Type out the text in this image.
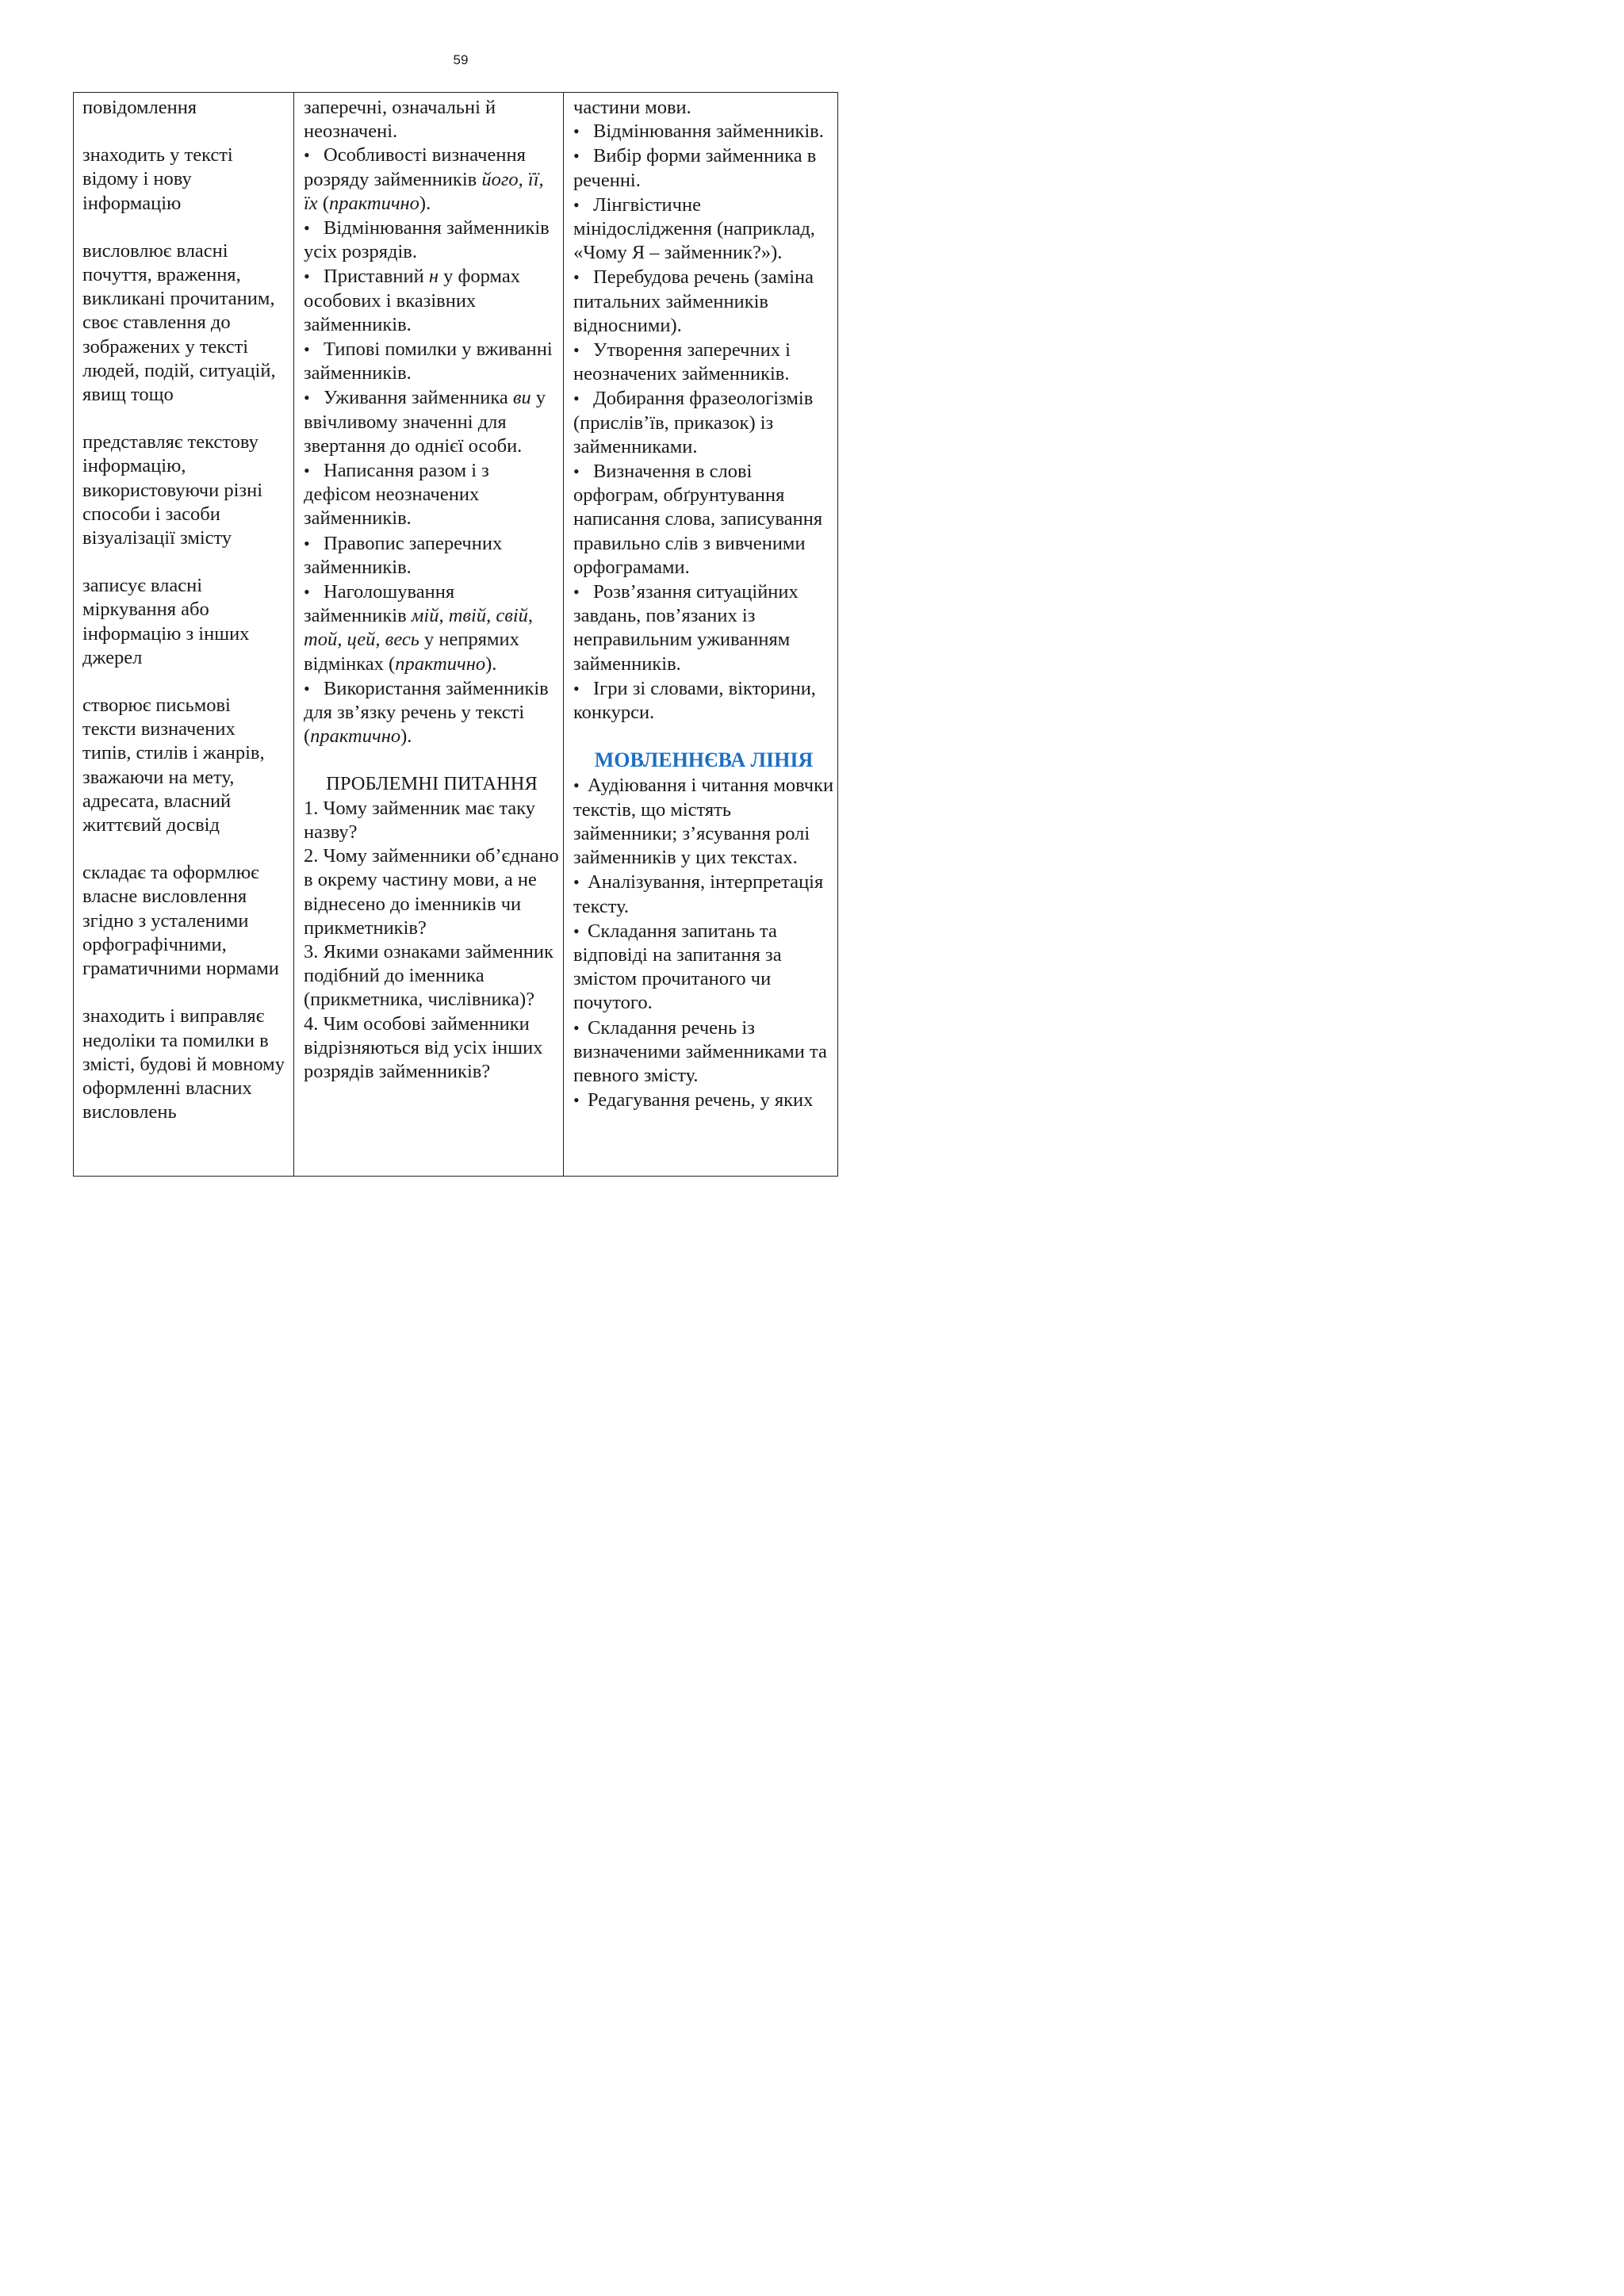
59

повідомлення

знаходить у тексті відому і нову інформацію

висловлює власні почуття, враження, викликані прочитаним, своє ставлення до зображених у тексті людей, подій, ситуацій, явищ тощо

представляє текстову інформацію, використовуючи різні способи і засоби візуалізації змісту

записує власні міркування або інформацію з інших джерел

створює письмові тексти визначених типів, стилів і жанрів, зважаючи на мету, адресата, власний життєвий досвід

складає та оформлює власне висловлення згідно з усталеними орфографічними, граматичними нормами

знаходить і виправляє недоліки та помилки в змісті, будові й мовному оформленні власних висловлень

заперечні, означальні й неозначені.

•Особливості визначення розряду займенників його, її, їх (практично).

•Відмінювання займенників усіх розрядів.

•Приставний н у формах особових і вказівних займенників.

•Типові помилки у вживанні займенників.

•Уживання займенника ви у ввічливому значенні для звертання до однієї особи.

•Написання разом і з дефісом неозначених займенників.

•Правопис заперечних займенників.

•Наголошування займенників мій, твій, свій, той, цей, весь у непрямих відмінках (практично).

•Використання займенників для зв’язку речень у тексті (практично).

ПРОБЛЕМНІ ПИТАННЯ

1. Чому займенник має таку назву?

2. Чому займенники об’єднано в окрему частину мови, а не віднесено до іменників чи прикметників?

3. Якими ознаками займенник подібний до іменника (прикметника, числівника)?

4. Чим особові займенники відрізняються від усіх інших розрядів займенників?

частини мови.

•Відмінювання займенників.

•Вибір форми займенника в реченні.

•Лінгвістичне мінідослідження (наприклад, «Чому Я – займенник?»).

•Перебудова речень (заміна питальних займенників відносними).

•Утворення заперечних і неозначених займенників.

•Добирання фразеологізмів (прислів’їв, приказок) із займенниками.

•Визначення в слові орфограм, обґрунтування написання слова, записування правильно слів з вивченими орфограмами.

•Розв’язання ситуаційних завдань, пов’язаних із неправильним уживанням займенників.

•Ігри зі словами, вікторини, конкурси.

МОВЛЕННЄВА ЛІНІЯ

•Аудіювання і читання мовчки текстів, що містять займенники; з’ясування ролі займенників у цих текстах.

•Аналізування, інтерпретація тексту.

•Складання запитань та відповіді на запитання за змістом прочитаного чи почутого.

•Складання речень із визначеними займенниками та певного змісту.

•Редагування речень, у яких
